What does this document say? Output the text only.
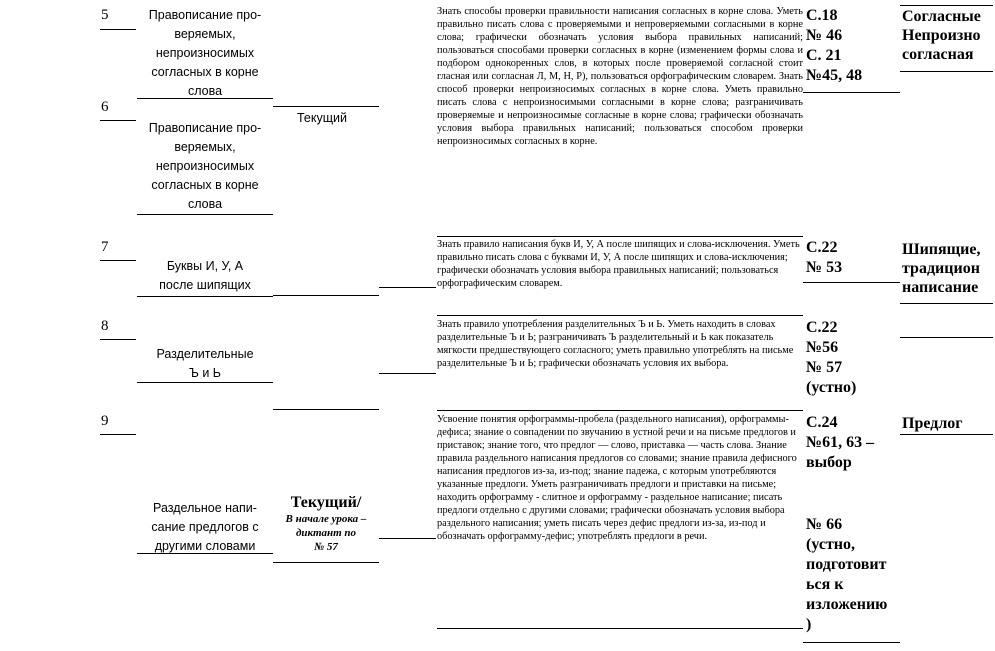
5
6
7
8
9
Правописание про-
веряемых,
непроизносимых
согласных в корне
слова
Правописание про-
веряемых,
непроизносимых
согласных в корне
слова
Буквы И, У, А
после шипящих
Разделительные
Ъ и Ь
Раздельное напи-
сание предлогов с
другими словами
Текущий
Текущий/
В начале урока –
диктант по
№ 57
Знать способы проверки правильности написания согласных в корне слова. Уметь правильно писать слова с проверяемыми и непроверяемыми согласными в корне слова; графически обозначать условия выбора правильных написаний; пользоваться способами проверки согласных в корне (изменением формы слова и подбором однокоренных слов, в которых после проверяемой согласной стоит гласная или согласная Л, М, Н, Р), пользоваться орфографическим словарем. Знать способ проверки непроизносимых согласных в корне слова. Уметь правильно писать слова с непроизносимыми согласными в корне слова; разграничивать проверяемые и непроизносимые согласные в корне слова; графически обозначать условия выбора правильных написаний; пользоваться способом проверки непроизносимых согласных в корне.
Знать правило написания букв И, У, А после шипящих и слова-исключения. Уметь правильно писать слова с буквами И, У, А после шипящих и слова-исключения; графически обозначать условия выбора правильных написаний; пользоваться орфографическим словарем.
Знать правило употребления разделительных Ъ и Ь. Уметь находить в словах разделительные Ъ и Ь; разграничивать Ъ разделительный и Ь как показатель мягкости предшествующего согласного; уметь правильно употреблять на письме разделительные Ъ и Ь; графически обозначать условия их выбора.
Усвоение понятия орфограммы-пробела (раздельного написания), орфограммы-дефиса; знание о совпадении по звучанию в устной речи и на письме предлогов и приставок; знание того, что предлог — слово, приставка — часть слова. Знание правила раздельного написания предлогов со словами; знание правила дефисного написания предлогов из-за, из-под; знание падежа, с которым употребляются указанные предлоги. Уметь разграничивать предлоги и приставки на письме; находить орфограмму - слитное и орфограмму - раздельное написание; писать предлоги отдельно с другими словами; графически обозначать условия выбора раздельного написания; уметь писать через дефис предлоги из-за, из-под и обозначать орфограмму-дефис; употреблять предлоги в речи.
С.18
№ 46
С. 21
№45, 48
С.22
№ 53
С.22
№56
№ 57
(устно)
С.24
№61, 63 –
выбор
№ 66
(устно,
подготовит
ься к
изложению
)
Согласные
Непроизно
согласная
Шипящие,
традицион
написание
Предлог
